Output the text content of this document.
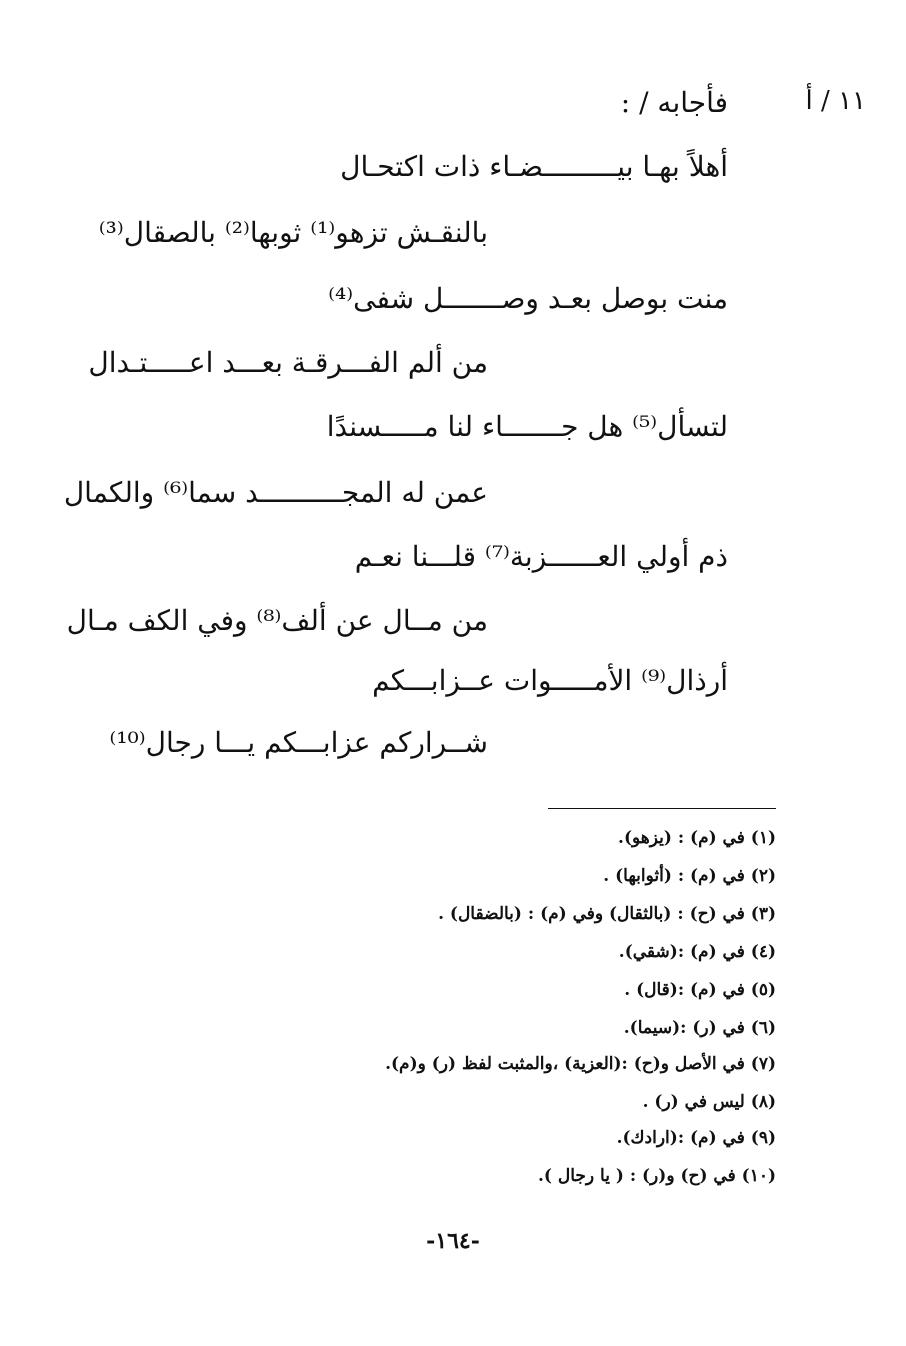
١١ / أ
فأجابه / :
أهلاً بهـا بيـــــــــضـاء ذات اكتحـال
بالنقـش تزهو⁽¹⁾ ثوبها⁽²⁾ بالصقال⁽³⁾
منت بوصل بعـد وصـــــــل شفى⁽⁴⁾
من ألم الفـــرقـة بعـــد اعـــــتـدال
لتسأل⁽⁵⁾ هل جـــــــاء لنا مـــــسندًا
عمن له المجــــــــــد سما⁽⁶⁾ والكمال
ذم أولي العــــــزبة⁽⁷⁾ قلـــنا نعـم
من مــال عن ألف⁽⁸⁾ وفي الكف مـال
أرذال⁽⁹⁾ الأمـــــوات عــزابـــكم
شــراركم عزابـــكم يـــا رجال⁽¹⁰⁾
(١) في (م) : (يزهو).
(٢) في (م) : (أثوابها) .
(٣) في (ح) : (بالثقال) وفي (م) : (بالضقال) .
(٤) في (م) :(شقي).
(٥) في (م) :(قال) .
(٦) في (ر) :(سيما).
(٧) في الأصل و(ح) :(العزية) ،والمثبت لفظ (ر) و(م).
(٨) ليس في (ر) .
(٩) في (م) :(ارادك).
(١٠) في (ح) و(ر) : ( يا رجال ).
-١٦٤-
